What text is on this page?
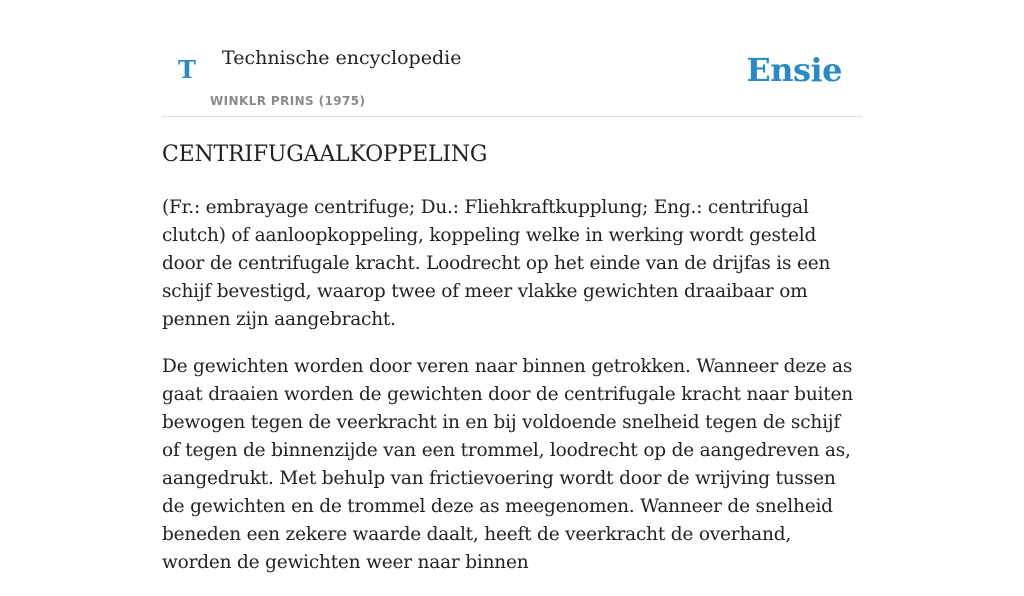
T Technische encyclopedie
WINKLR PRINS (1975)
Ensie
CENTRIFUGAALKOPPELING

(Fr.: embrayage centrifuge; Du.: Fliehkraftkupplung; Eng.: centrifugal clutch) of aanloopkoppeling, koppeling welke in werking wordt gesteld door de centrifugale kracht. Loodrecht op het einde van de drijfas is een schijf bevestigd, waarop twee of meer vlakke gewichten draaibaar om pennen zijn aangebracht.

De gewichten worden door veren naar binnen getrokken. Wanneer deze as gaat draaien worden de gewichten door de centrifugale kracht naar buiten bewogen tegen de veerkracht in en bij voldoende snelheid tegen de schijf of tegen de binnenzijde van een trommel, loodrecht op de aangedreven as, aangedrukt. Met behulp van frictievoering wordt door de wrijving tussen de gewichten en de trommel deze as meegenomen. Wanneer de snelheid beneden een zekere waarde daalt, heeft de veerkracht de overhand, worden de gewichten weer naar binnen
